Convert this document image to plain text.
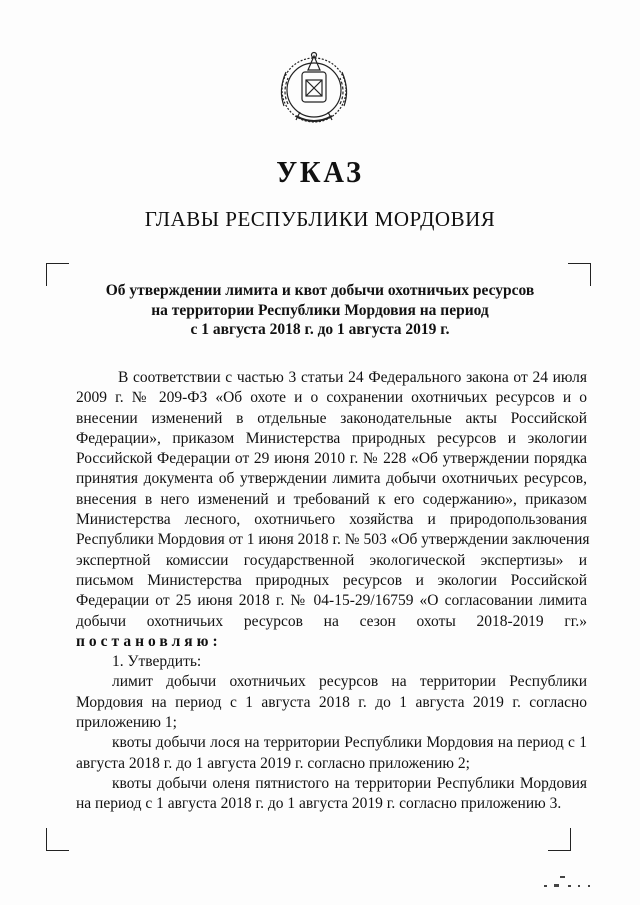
УКАЗ
ГЛАВЫ РЕСПУБЛИКИ МОРДОВИЯ
Об утверждении лимита и квот добычи охотничьих ресурсов
на территории Республики Мордовия на период
с 1 августа 2018 г. до 1 августа 2019 г.
В соответствии с частью 3 статьи 24 Федерального закона от 24 июля
2009 г. № 209-ФЗ «Об охоте и о сохранении охотничьих ресурсов и о
внесении изменений в отдельные законодательные акты Российской
Федерации», приказом Министерства природных ресурсов и экологии
Российской Федерации от 29 июня 2010 г. № 228 «Об утверждении порядка
принятия документа об утверждении лимита добычи охотничьих ресурсов,
внесения в него изменений и требований к его содержанию», приказом
Министерства лесного, охотничьего хозяйства и природопользования
Республики Мордовия от 1 июня 2018 г. № 503 «Об утверждении заключения
экспертной комиссии государственной экологической экспертизы» и
письмом Министерства природных ресурсов и экологии Российской
Федерации от 25 июня 2018 г. № 04-15-29/16759 «О согласовании лимита
добычи охотничьих ресурсов на сезон охоты 2018-2019 гг.»
постановляю:
1. Утвердить:
лимит добычи охотничьих ресурсов на территории Республики
Мордовия на период с 1 августа 2018 г. до 1 августа 2019 г. согласно
приложению 1;
квоты добычи лося на территории Республики Мордовия на период с 1
августа 2018 г. до 1 августа 2019 г. согласно приложению 2;
квоты добычи оленя пятнистого на территории Республики Мордовия
на период с 1 августа 2018 г. до 1 августа 2019 г. согласно приложению 3.
